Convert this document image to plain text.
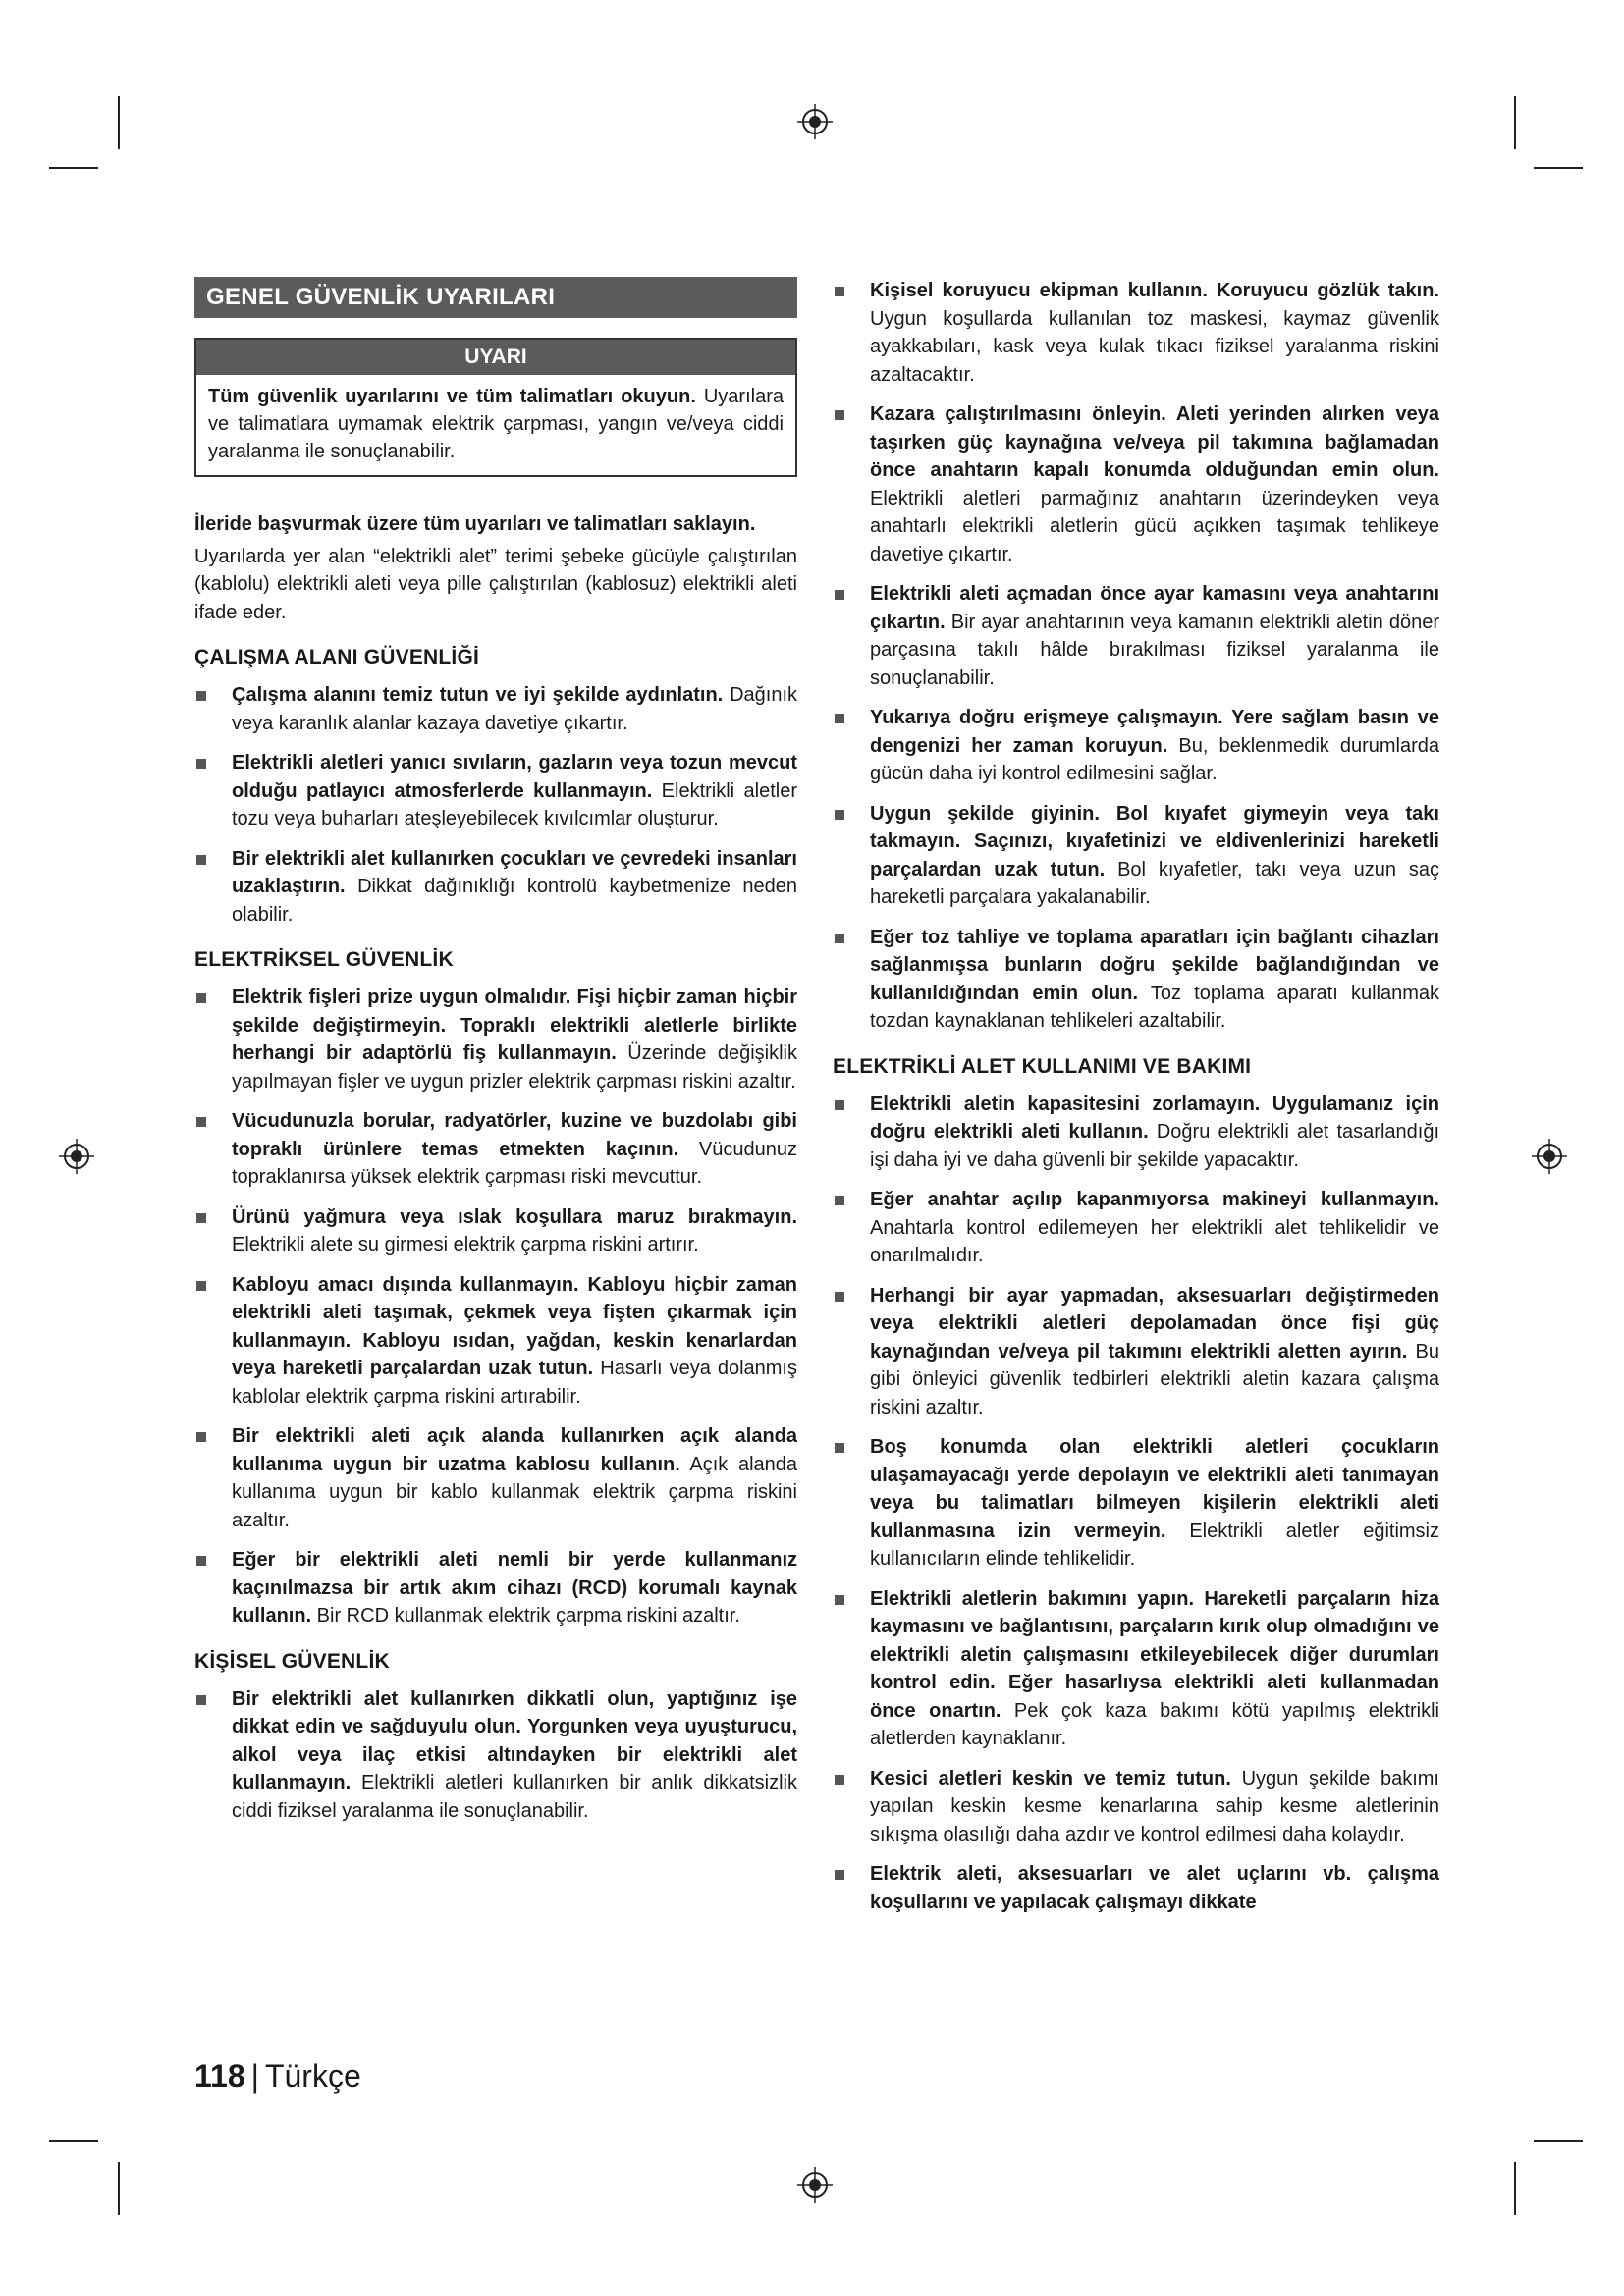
GENEL GÜVENLİK UYARILARI
UYARI
Tüm güvenlik uyarılarını ve tüm talimatları okuyun. Uyarılara ve talimatlara uymamak elektrik çarpması, yangın ve/veya ciddi yaralanma ile sonuçlanabilir.

İleride başvurmak üzere tüm uyarıları ve talimatları saklayın.

Uyarılarda yer alan “elektrikli alet” terimi şebeke gücüyle çalıştırılan (kablolu) elektrikli aleti veya pille çalıştırılan (kablosuz) elektrikli aleti ifade eder.

ÇALIŞMA ALANI GÜVENLİĞİ
Çalışma alanını temiz tutun ve iyi şekilde aydınlatın. Dağınık veya karanlık alanlar kazaya davetiye çıkartır.
Elektrikli aletleri yanıcı sıvıların, gazların veya tozun mevcut olduğu patlayıcı atmosferlerde kullanmayın. Elektrikli aletler tozu veya buharları ateşleyebilecek kıvılcımlar oluşturur.
Bir elektrikli alet kullanırken çocukları ve çevredeki insanları uzaklaştırın. Dikkat dağınıklığı kontrolü kaybetmenize neden olabilir.
ELEKTRİKSEL GÜVENLİK
Elektrik fişleri prize uygun olmalıdır. Fişi hiçbir zaman hiçbir şekilde değiştirmeyin. Topraklı elektrikli aletlerle birlikte herhangi bir adaptörlü fiş kullanmayın. Üzerinde değişiklik yapılmayan fişler ve uygun prizler elektrik çarpması riskini azaltır.
Vücudunuzla borular, radyatörler, kuzine ve buzdolabı gibi topraklı ürünlere temas etmekten kaçının. Vücudunuz topraklanırsa yüksek elektrik çarpması riski mevcuttur.
Ürünü yağmura veya ıslak koşullara maruz bırakmayın. Elektrikli alete su girmesi elektrik çarpma riskini artırır.
Kabloyu amacı dışında kullanmayın. Kabloyu hiçbir zaman elektrikli aleti taşımak, çekmek veya fişten çıkarmak için kullanmayın. Kabloyu ısıdan, yağdan, keskin kenarlardan veya hareketli parçalardan uzak tutun. Hasarlı veya dolanmış kablolar elektrik çarpma riskini artırabilir.
Bir elektrikli aleti açık alanda kullanırken açık alanda kullanıma uygun bir uzatma kablosu kullanın. Açık alanda kullanıma uygun bir kablo kullanmak elektrik çarpma riskini azaltır.
Eğer bir elektrikli aleti nemli bir yerde kullanmanız kaçınılmazsa bir artık akım cihazı (RCD) korumalı kaynak kullanın. Bir RCD kullanmak elektrik çarpma riskini azaltır.
KİŞİSEL GÜVENLİK
Bir elektrikli alet kullanırken dikkatli olun, yaptığınız işe dikkat edin ve sağduyulu olun. Yorgunken veya uyuşturucu, alkol veya ilaç etkisi altındayken bir elektrikli alet kullanmayın. Elektrikli aletleri kullanırken bir anlık dikkatsizlik ciddi fiziksel yaralanma ile sonuçlanabilir.
Kişisel koruyucu ekipman kullanın. Koruyucu gözlük takın. Uygun koşullarda kullanılan toz maskesi, kaymaz güvenlik ayakkabıları, kask veya kulak tıkacı fiziksel yaralanma riskini azaltacaktır.
Kazara çalıştırılmasını önleyin. Aleti yerinden alırken veya taşırken güç kaynağına ve/veya pil takımına bağlamadan önce anahtarın kapalı konumda olduğundan emin olun. Elektrikli aletleri parmağınız anahtarın üzerindeyken veya anahtarlı elektrikli aletlerin gücü açıkken taşımak tehlikeye davetiye çıkartır.
Elektrikli aleti açmadan önce ayar kamasını veya anahtarını çıkartın. Bir ayar anahtarının veya kamanın elektrikli aletin döner parçasına takılı hâlde bırakılması fiziksel yaralanma ile sonuçlanabilir.
Yukarıya doğru erişmeye çalışmayın. Yere sağlam basın ve dengenizi her zaman koruyun. Bu, beklenmedik durumlarda gücün daha iyi kontrol edilmesini sağlar.
Uygun şekilde giyinin. Bol kıyafet giymeyin veya takı takmayın. Saçınızı, kıyafetinizi ve eldivenlerinizi hareketli parçalardan uzak tutun. Bol kıyafetler, takı veya uzun saç hareketli parçalara yakalanabilir.
Eğer toz tahliye ve toplama aparatları için bağlantı cihazları sağlanmışsa bunların doğru şekilde bağlandığından ve kullanıldığından emin olun. Toz toplama aparatı kullanmak tozdan kaynaklanan tehlikeleri azaltabilir.
ELEKTRİKLİ ALET KULLANIMI VE BAKIMI
Elektrikli aletin kapasitesini zorlamayın. Uygulamanız için doğru elektrikli aleti kullanın. Doğru elektrikli alet tasarlandığı işi daha iyi ve daha güvenli bir şekilde yapacaktır.
Eğer anahtar açılıp kapanmıyorsa makineyi kullanmayın. Anahtarla kontrol edilemeyen her elektrikli alet tehlikelidir ve onarılmalıdır.
Herhangi bir ayar yapmadan, aksesuarları değiştirmeden veya elektrikli aletleri depolamadan önce fişi güç kaynağından ve/veya pil takımını elektrikli aletten ayırın. Bu gibi önleyici güvenlik tedbirleri elektrikli aletin kazara çalışma riskini azaltır.
Boş konumda olan elektrikli aletleri çocukların ulaşamayacağı yerde depolayın ve elektrikli aleti tanımayan veya bu talimatları bilmeyen kişilerin elektrikli aleti kullanmasına izin vermeyin. Elektrikli aletler eğitimsiz kullanıcıların elinde tehlikelidir.
Elektrikli aletlerin bakımını yapın. Hareketli parçaların hiza kaymasını ve bağlantısını, parçaların kırık olup olmadığını ve elektrikli aletin çalışmasını etkileyebilecek diğer durumları kontrol edin. Eğer hasarlıysa elektrikli aleti kullanmadan önce onartın. Pek çok kaza bakımı kötü yapılmış elektrikli aletlerden kaynaklanır.
Kesici aletleri keskin ve temiz tutun. Uygun şekilde bakımı yapılan keskin kesme kenarlarına sahip kesme aletlerinin sıkışma olasılığı daha azdır ve kontrol edilmesi daha kolaydır.
Elektrik aleti, aksesuarları ve alet uçlarını vb. çalışma koşullarını ve yapılacak çalışmayı dikkate
118 | Türkçe
